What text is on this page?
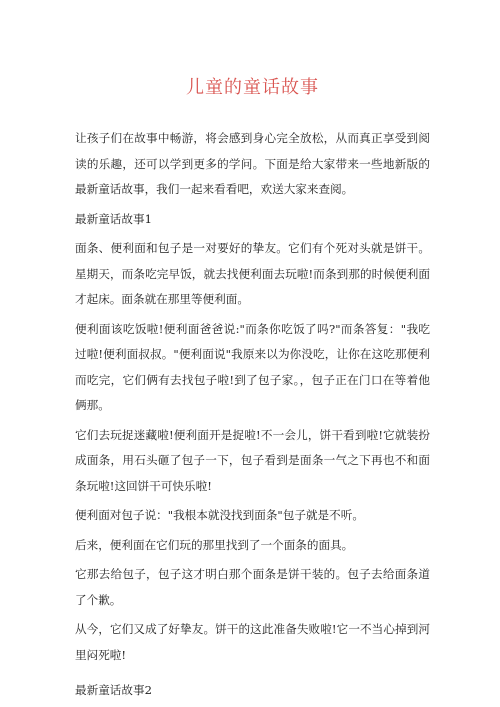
儿童的童话故事

让孩子们在故事中畅游，将会感到身心完全放松，从而真正享受到阅读的乐趣，还可以学到更多的学问。下面是给大家带来一些地新版的最新童话故事，我们一起来看看吧，欢送大家来查阅。

最新童话故事1

面条、便利面和包子是一对要好的挚友。它们有个死对头就是饼干。星期天，而条吃完早饭，就去找便利面去玩啦!而条到那的时候便利面才起床。面条就在那里等便利面。

便利面该吃饭啦!便利面爸爸说:"而条你吃饭了吗?"而条答复："我吃过啦!便利面叔叔。"便利面说"我原来以为你没吃，让你在这吃那便利而吃完，它们俩有去找包子啦!到了包子家。，包子正在门口在等着他俩那。

它们去玩捉迷藏啦!便利面开是捉啦!不一会儿，饼干看到啦!它就装扮成面条，用石头砸了包子一下，包子看到是面条一气之下再也不和面条玩啦!这回饼干可快乐啦!

便利面对包子说："我根本就没找到面条"包子就是不听。

后来，便利面在它们玩的那里找到了一个面条的面具。

它那去给包子，包子这才明白那个面条是饼干装的。包子去给面条道了个歉。

从今，它们又成了好挚友。饼干的这此准备失败啦!它一不当心掉到河里闷死啦!

最新童话故事2
